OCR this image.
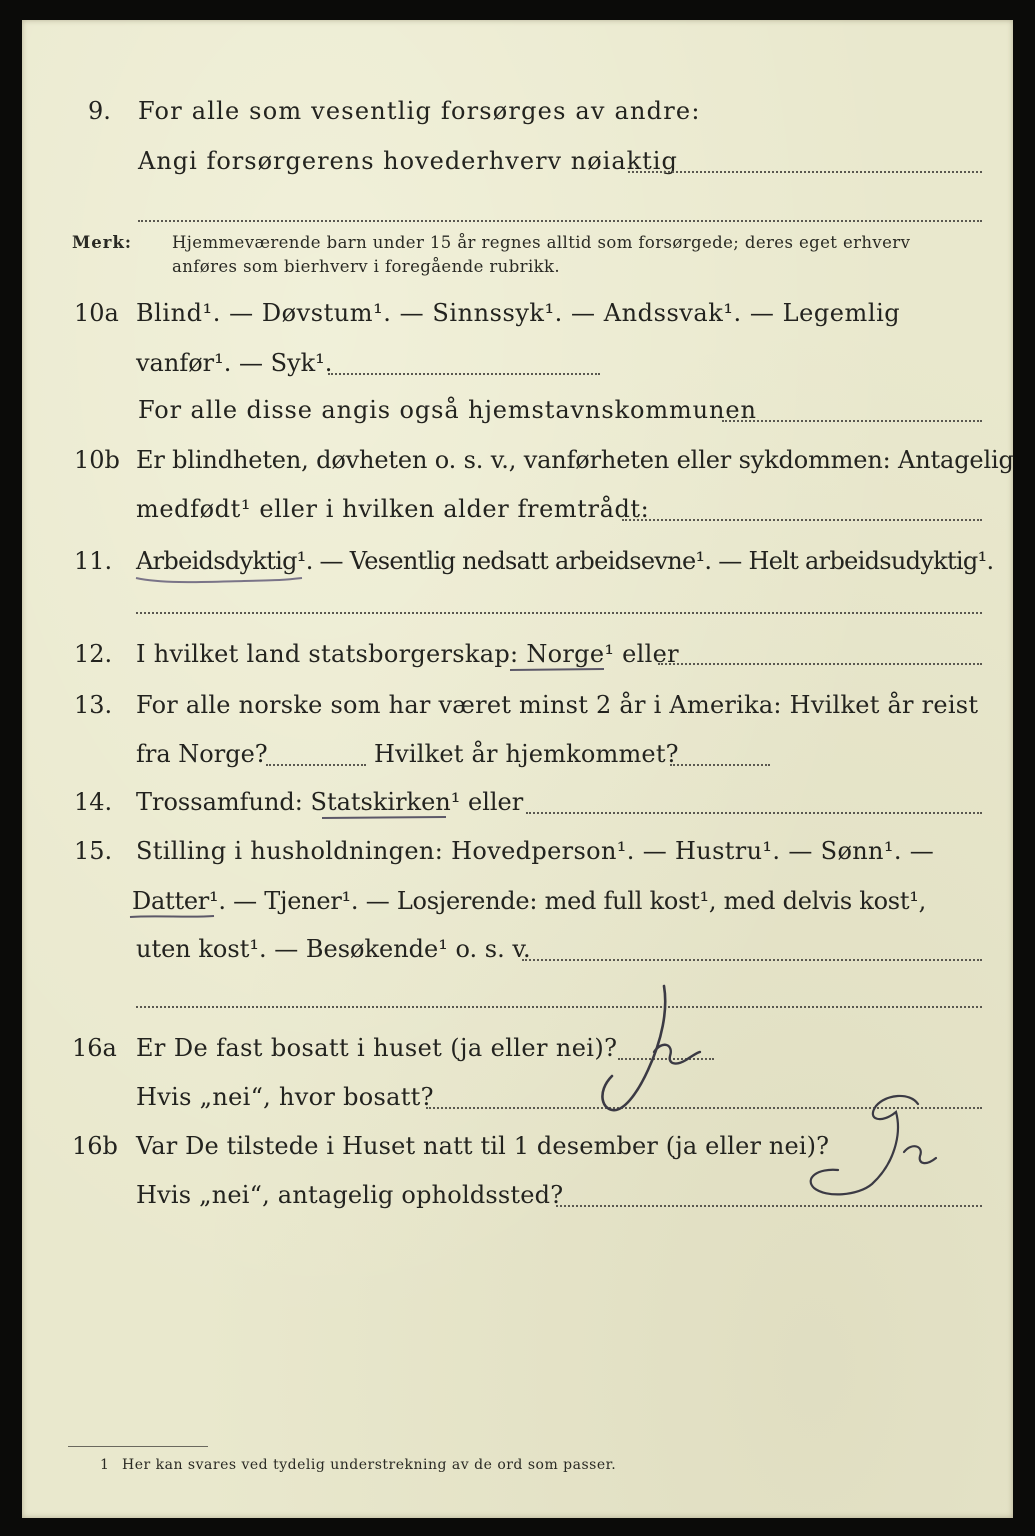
9. For alle som vesentlig forsørges av andre:
Angi forsørgerens hovederhverv nøiaktig
Merk: Hjemmeværende barn under 15 år regnes alltid som forsørgede; deres eget erhverv
anføres som bierhverv i foregående rubrikk.
10a Blind¹. — Døvstum¹. — Sinnssyk¹. — Andssvak¹. — Legemlig
vanfør¹. — Syk¹.
For alle disse angis også hjemstavnskommunen
10b Er blindheten, døvheten o. s. v., vanførheten eller sykdommen: Antagelig
medfødt¹ eller i hvilken alder fremtrådt:
11. Arbeidsdyktig¹. — Vesentlig nedsatt arbeidsevne¹. — Helt arbeidsudyktig¹.
12. I hvilket land statsborgerskap: Norge¹ eller
13. For alle norske som har været minst 2 år i Amerika: Hvilket år reist
fra Norge?	Hvilket år hjemkommet?
14. Trossamfund: Statskirken¹ eller
15. Stilling i husholdningen: Hovedperson¹. — Hustru¹. — Sønn¹. —
Datter¹. — Tjener¹. — Losjerende: med full kost¹, med delvis kost¹,
uten kost¹. — Besøkende¹ o. s. v.
16a Er De fast bosatt i huset (ja eller nei)?
Hvis „nei“, hvor bosatt?
16b Var De tilstede i Huset natt til 1 desember (ja eller nei)?
Hvis „nei“, antagelig opholdssted?
1 Her kan svares ved tydelig understrekning av de ord som passer.
